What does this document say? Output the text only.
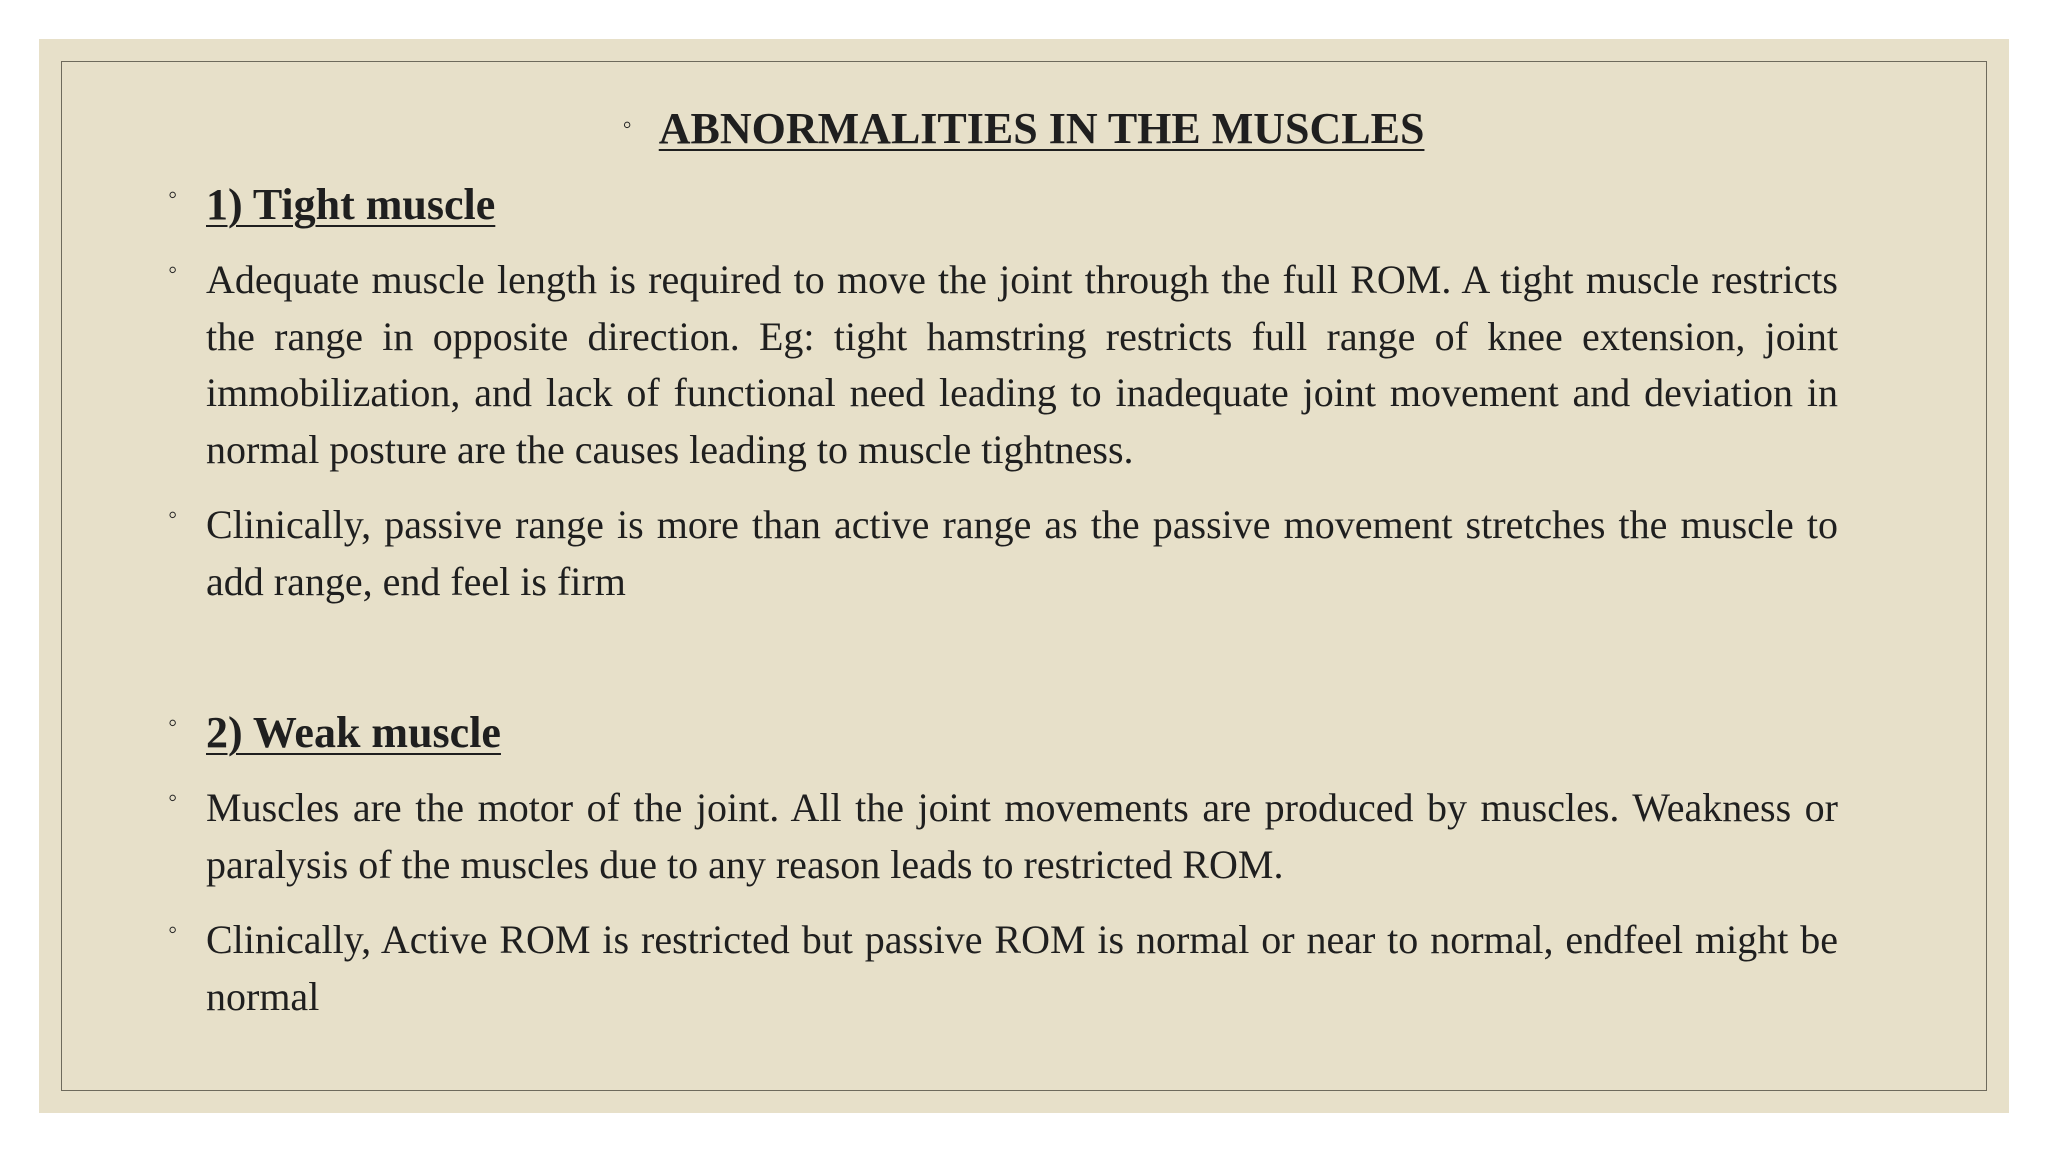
◦ ABNORMALITIES IN THE MUSCLES
◦ 1) Tight muscle
◦ Adequate muscle length is required to move the joint through the full ROM. A tight muscle restricts the range in opposite direction. Eg: tight hamstring restricts full range of knee extension, joint immobilization, and lack of functional need leading to inadequate joint movement and deviation in normal posture are the causes leading to muscle tightness.
◦ Clinically, passive range is more than active range as the passive movement stretches the muscle to add range, end feel is firm
◦ 2) Weak muscle
◦ Muscles are the motor of the joint. All the joint movements are produced by muscles. Weakness or paralysis of the muscles due to any reason leads to restricted ROM.
◦ Clinically, Active ROM is restricted but passive ROM is normal or near to normal, endfeel might be normal
